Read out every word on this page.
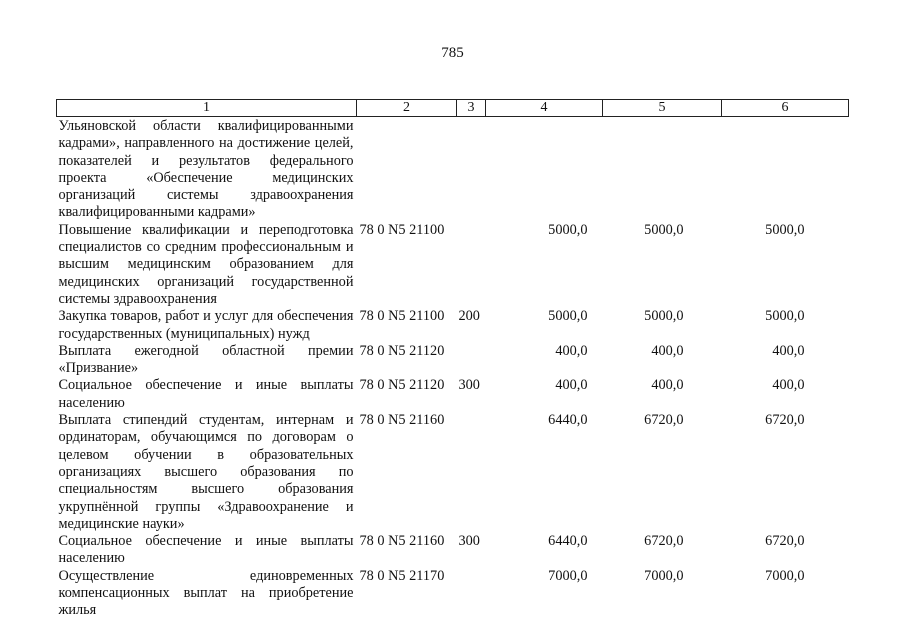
785
1	2	3	4	5	6
Ульяновской области квалифицированными кадрами», направленного на достижение целей, показателей и результатов федерального проекта «Обеспечение медицинских организаций системы здравоохранения квалифицированными кадрами»					
Повышение квалификации и переподготовка специалистов со средним профессиональным и высшим медицинским образованием для медицинских организаций государственной системы здравоохранения	78 0 N5 21100		5000,0	5000,0	5000,0
Закупка товаров, работ и услуг для обеспечения государственных (муниципальных) нужд	78 0 N5 21100	200	5000,0	5000,0	5000,0
Выплата ежегодной областной премии «Призвание»	78 0 N5 21120		400,0	400,0	400,0
Социальное обеспечение и иные выплаты населению	78 0 N5 21120	300	400,0	400,0	400,0
Выплата стипендий студентам, интернам и ординаторам, обучающимся по договорам о целевом обучении в образовательных организациях высшего образования по специальностям высшего образования укрупнённой группы «Здравоохранение и медицинские науки»	78 0 N5 21160		6440,0	6720,0	6720,0
Социальное обеспечение и иные выплаты населению	78 0 N5 21160	300	6440,0	6720,0	6720,0
Осуществление единовременных компенсационных выплат на приобретение жилья	78 0 N5 21170		7000,0	7000,0	7000,0
